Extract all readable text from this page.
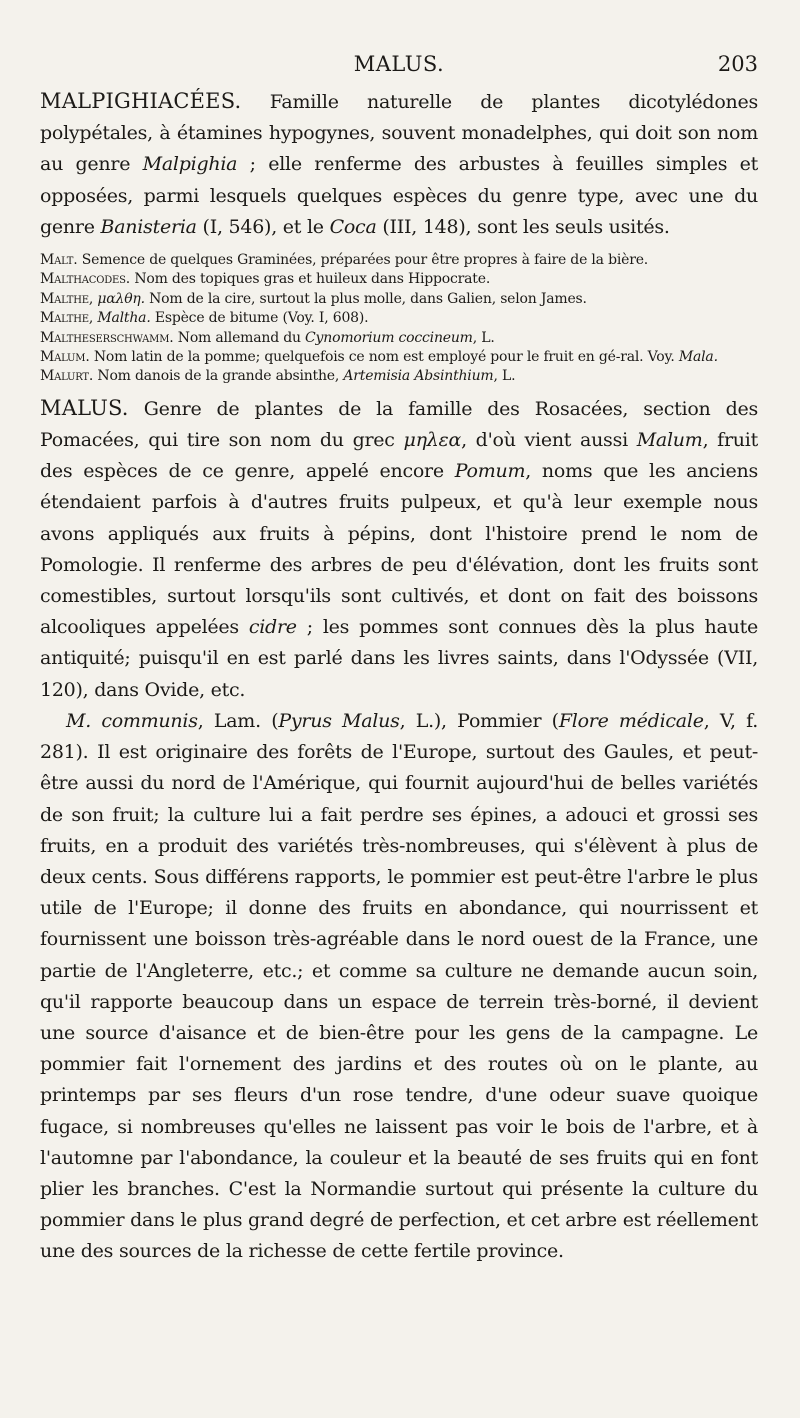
MALUS.	203

MALPIGHIACÉES. Famille naturelle de plantes dicotylédones polypétales, à étamines hypogynes, souvent monadelphes, qui doit son nom au genre Malpighia ; elle renferme des arbustes à feuilles simples et opposées, parmi lesquels quelques espèces du genre type, avec une du genre Banisteria (I, 546), et le Coca (III, 148), sont les seuls usités.

Malt. Semence de quelques Graminées, préparées pour être propres à faire de la bière.

Malthacodes. Nom des topiques gras et huileux dans Hippocrate.

Malthe, μαλθη. Nom de la cire, surtout la plus molle, dans Galien, selon James.

Malthe, Maltha. Espèce de bitume (Voy. I, 608).

Maltheserschwamm. Nom allemand du Cynomorium coccineum, L.

Malum. Nom latin de la pomme; quelquefois ce nom est employé pour le fruit en gé-ral. Voy. Mala.

Malurt. Nom danois de la grande absinthe, Artemisia Absinthium, L.

MALUS. Genre de plantes de la famille des Rosacées, section des Pomacées, qui tire son nom du grec μηλεα, d'où vient aussi Malum, fruit des espèces de ce genre, appelé encore Pomum, noms que les anciens étendaient parfois à d'autres fruits pulpeux, et qu'à leur exemple nous avons appliqués aux fruits à pépins, dont l'histoire prend le nom de Pomologie. Il renferme des arbres de peu d'élévation, dont les fruits sont comestibles, surtout lorsqu'ils sont cultivés, et dont on fait des boissons alcooliques appelées cidre ; les pommes sont connues dès la plus haute antiquité; puisqu'il en est parlé dans les livres saints, dans l'Odyssée (VII, 120), dans Ovide, etc.

M. communis, Lam. (Pyrus Malus, L.), Pommier (Flore médicale, V, f. 281). Il est originaire des forêts de l'Europe, surtout des Gaules, et peut-être aussi du nord de l'Amérique, qui fournit aujourd'hui de belles variétés de son fruit; la culture lui a fait perdre ses épines, a adouci et grossi ses fruits, en a produit des variétés très-nombreuses, qui s'élèvent à plus de deux cents. Sous différens rapports, le pommier est peut-être l'arbre le plus utile de l'Europe; il donne des fruits en abondance, qui nourrissent et fournissent une boisson très-agréable dans le nord ouest de la France, une partie de l'Angleterre, etc.; et comme sa culture ne demande aucun soin, qu'il rapporte beaucoup dans un espace de terrein très-borné, il devient une source d'aisance et de bien-être pour les gens de la campagne. Le pommier fait l'ornement des jardins et des routes où on le plante, au printemps par ses fleurs d'un rose tendre, d'une odeur suave quoique fugace, si nombreuses qu'elles ne laissent pas voir le bois de l'arbre, et à l'automne par l'abondance, la couleur et la beauté de ses fruits qui en font plier les branches. C'est la Normandie surtout qui présente la culture du pommier dans le plus grand degré de perfection, et cet arbre est réellement une des sources de la richesse de cette fertile province.
